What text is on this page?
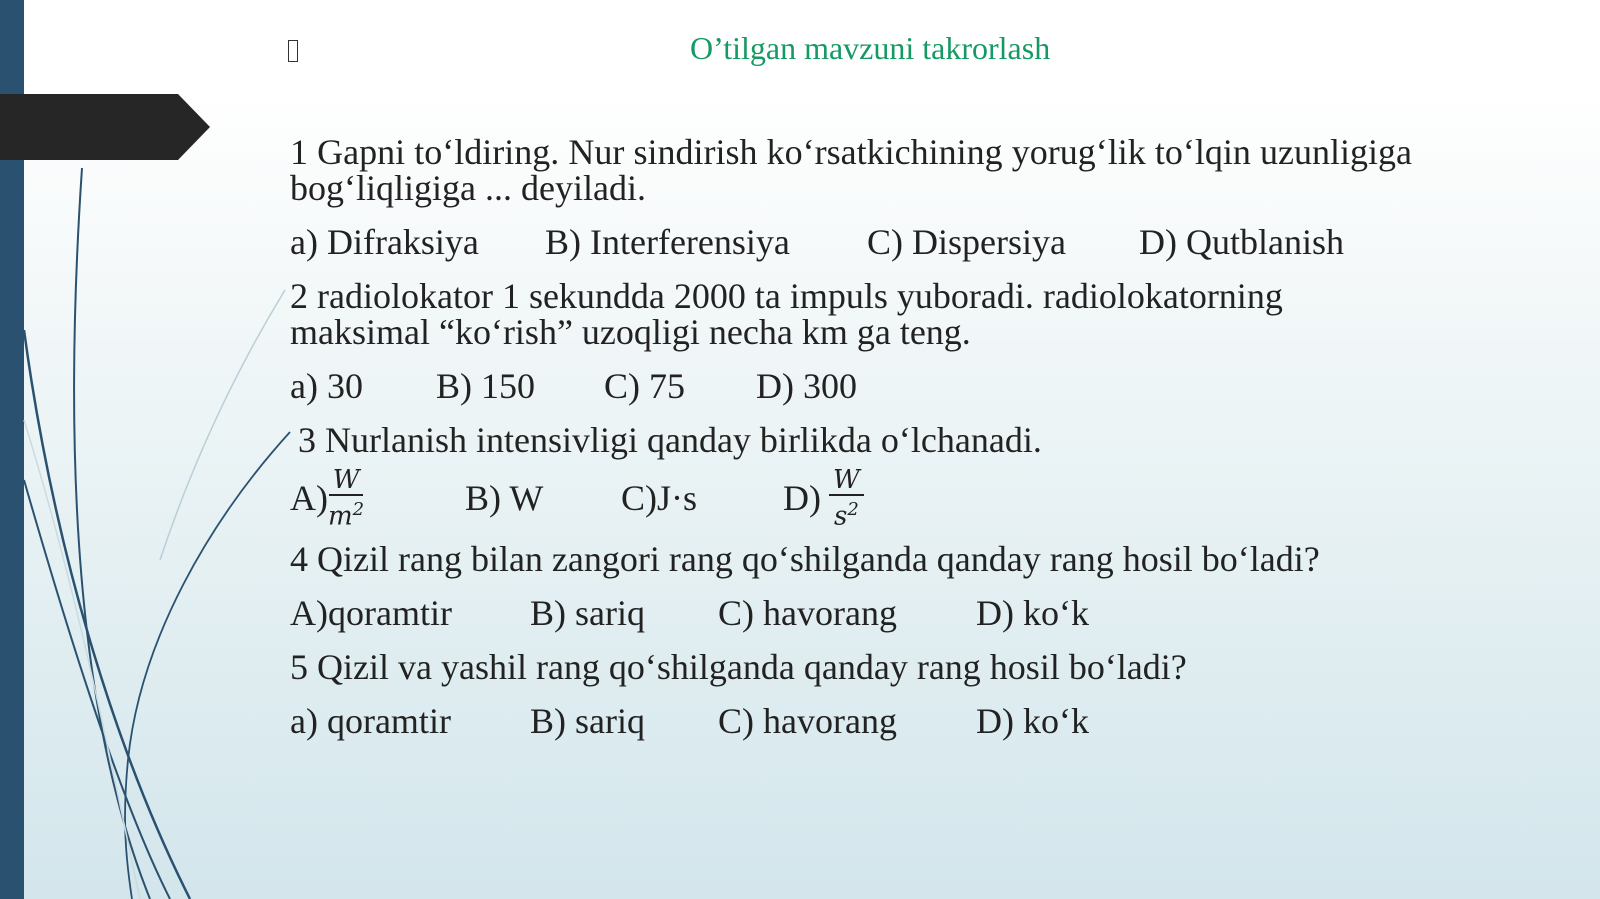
O’tilgan mavzuni takrorlash

1 Gapni to‘ldiring. Nur sindirish ko‘rsatkichining yorug‘lik to‘lqin uzunligiga bog‘liqligiga ... deyiladi.

a) Difraksiya	B) Interferensiya	C) Dispersiya	D) Qutblanish

2 radiolokator 1 sekundda 2000 ta impuls yuboradi. radiolokatorning maksimal “ko‘rish” uzoqligi necha km ga teng.

a) 30	B) 150	C) 75	D) 300

3 Nurlanish intensivligi qanday birlikda o‘lchanadi.

$A) \frac{W}{m^2}$	B) W	C)J·s	$D) \frac{W}{s^2}$

4 Qizil rang bilan zangori rang qo‘shilganda qanday rang hosil bo‘ladi?

A)qoramtir	B) sariq	C) havorang	D) ko‘k

5 Qizil va yashil rang qo‘shilganda qanday rang hosil bo‘ladi?

a) qoramtir	B) sariq	C) havorang	D) ko‘k
